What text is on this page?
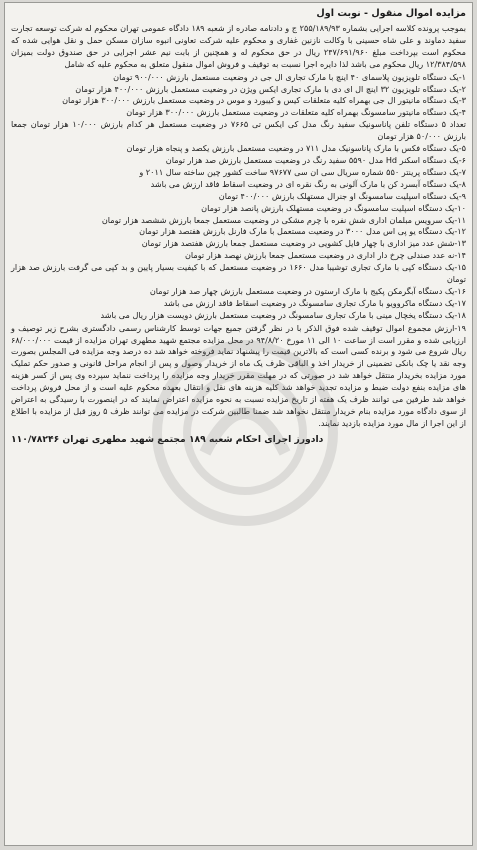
مزایده اموال منقول - نوبت اول

بموجب پرونده کلاسه اجرایی بشماره ۲۵۵/۱۸۹/۹۳ ج و دادنامه صادره از شعبه ۱۸۹ دادگاه عمومی تهران محکوم له شرکت توسعه تجارت سفید دماوند و علی شاه حسینی با وکالت نازنین غفاری و محکوم علیه شرکت تعاونی انبوه سازان مسکن حمل و نقل هوایی شده که محکوم است بپرداخت مبلغ ۲۴۷/۶۹۱/۹۶۰ ریال در حق محکوم له و همچنین از بابت نیم عشر اجرایی در حق صندوق دولت بمیزان ۱۲/۳۸۴/۵۹۸ ریال محکوم می باشد لذا دایره اجرا نسبت به توقیف و فروش اموال منقول متعلق به محکوم علیه که شامل

۱-یک دستگاه تلویزیون پلاسمای ۴۰ اینچ با مارک تجاری ال جی در وضعیت مستعمل بارزش ۹۰۰/۰۰۰ تومان

۲-یک دستگاه تلویزیون ۳۲ اینچ ال ای دی با مارک تجاری ایکس ویژن در وضعیت مستعمل بارزش ۴۰۰/۰۰۰ هزار تومان

۳-یک دستگاه مانیتور ال جی بهمراه کلیه متعلقات کیس و کیبورد و موس در وضعیت مستعمل بارزش ۳۰۰/۰۰۰ هزار تومان

۴-یک دستگاه مانیتور سامسونگ بهمراه کلیه متعلقات در وضعیت مستعمل بارزش ۳۰۰/۰۰۰ هزار تومان

تعداد ۵ دستگاه تلفن پاناسونیک سفید رنگ مدل کی ایکس تی ۷۶۶۵ در وضعیت مستعمل هر کدام بارزش ۱۰/۰۰۰ هزار تومان جمعا بارزش ۵۰/۰۰۰ هزار تومان

۵-یک دستگاه فکس با مارک پاناسونیک مدل ۷۱۱ در وضعیت مستعمل بارزش یکصد و پنجاه هزار تومان

۶-یک دستگاه اسکنر Hd مدل ۵۵۹۰ سفید رنگ در وضعیت مستعمل بارزش صد هزار تومان

۷-یک دستگاه پرینتر ۵۵۰ شماره سریال سی ان سی ۹۷۶۷۷ ساخت کشور چین ساخته سال ۲۰۱۱ و

۸-یک دستگاه آبسرد کن با مارک آلونی به رنگ نقره ای در وضعیت اسقاط فاقد ارزش می باشد

۹-یک دستگاه اسپلیت سامسونگ او جنرال مستهلک بارزش ۴۰۰/۰۰۰ تومان

۱۰-یک دستگاه اسپلیت سامسونگ در وضعیت مستهلک بارزش پانصد هزار تومان

۱۱-یک سرویس مبلمان اداری شش نفره با چرم مشکی در وضعیت مستعمل جمعا بارزش ششصد هزار تومان

۱۲-یک دستگاه یو پی اس مدل ۳۰۰۰ در وضعیت مستعمل با مارک فارنل بارزش هفتصد هزار تومان

۱۳-شش عدد میز اداری با چهار فایل کشویی در وضعیت مستعمل جمعا بارزش هفتصد هزار تومان

۱۴-نه عدد صندلی چرخ دار اداری در وضعیت مستعمل جمعا بارزش نهصد هزار تومان

۱۵-یک دستگاه کپی با مارک تجاری توشیبا مدل ۱۶۶۰ در وضعیت مستعمل که با کیفیت بسیار پایین و بد کپی می گرفت بارزش صد هزار تومان

۱۶-یک دستگاه آبگرمکن پکیج با مارک ارستون در وضعیت مستعمل بارزش چهار صد هزار تومان

۱۷-یک دستگاه ماکروویو با مارک تجاری سامسونگ در وضعیت اسقاط فاقد ارزش می باشد

۱۸-یک دستگاه یخچال مینی با مارک تجاری سامسونگ در وضعیت مستعمل بارزش دویست هزار ریال می باشد

۱۹-ارزش مجموع اموال توقیف شده فوق الذکر با در نظر گرفتن جمیع جهات توسط کارشناس رسمی دادگستری بشرح زیر توصیف و ارزیابی شده و مقرر است از ساعت ۱۰ الی ۱۱ مورخ ۹۴/۸/۲۰ در محل مزایده مجتمع شهید مطهری تهران مزایده از قیمت ۶۸/۰۰۰/۰۰۰ ریال شروع می شود و برنده کسی است که بالاترین قیمت را پیشنهاد نماید فروخته خواهد شد ده درصد وجه مزایده فی المجلس بصورت وجه نقد یا چک بانکی تضمینی از خریدار اخذ و الباقی ظرف یک ماه از خریدار وصول و پس از انجام مراحل قانونی و صدور حکم تملیک مورد مزایده بخریدار منتقل خواهد شد در صورتی که در مهلت مقرر خریدار وجه مزایده را پرداخت ننماید سپرده وی پس از کسر هزینه های مزایده بنفع دولت ضبط و مزایده تجدید خواهد شد کلیه هزینه های نقل و انتقال بعهده محکوم علیه است و از محل فروش پرداخت خواهد شد طرفین می توانند ظرف یک هفته از تاریخ مزایده نسبت به نحوه مزایده اعتراض نمایند که در اینصورت با رسیدگی به اعتراض از سوی دادگاه مورد مزایده بنام خریدار منتقل نخواهد شد ضمنا طالبین شرکت در مزایده می توانند ظرف ۵ روز قبل از مزایده با اطلاع از این اجرا از مال مورد مزایده بازدید نمایند.

دادورز اجرای احکام شعبه ۱۸۹ مجتمع شهید مطهری تهران ۱۱۰/۷۸۲۴۶
